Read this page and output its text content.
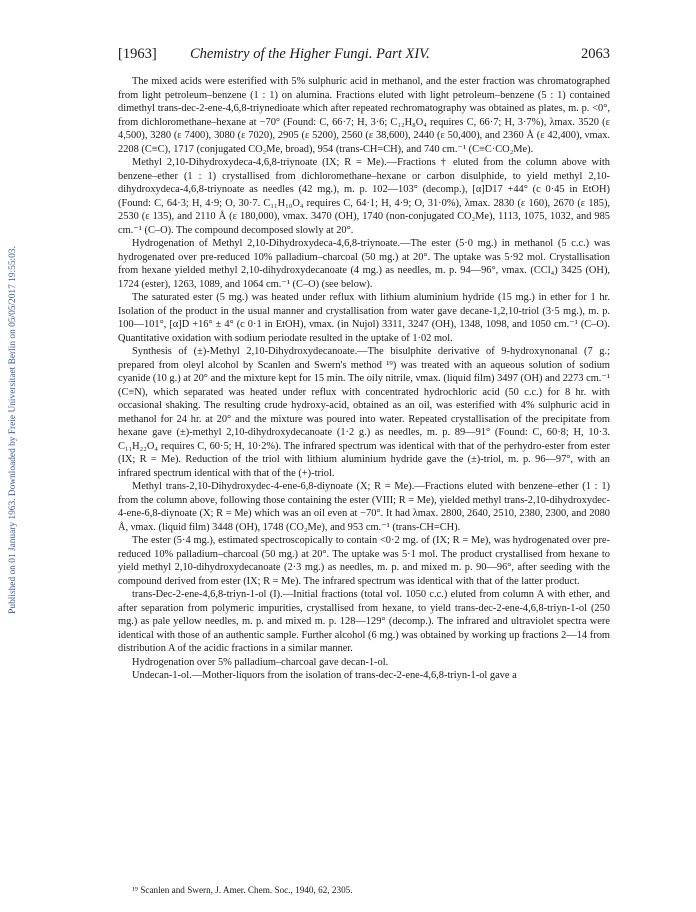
Published on 01 January 1963. Downloaded by Freie Universitaet Berlin on 05/05/2017 19:55:03.
[1963] Chemistry of the Higher Fungi. Part XIV.	2063

The mixed acids were esterified with 5% sulphuric acid in methanol, and the ester fraction was chromatographed from light petroleum–benzene (1 : 1) on alumina. Fractions eluted with light petroleum–benzene (5 : 1) contained dimethyl trans-dec-2-ene-4,6,8-triynedioate which after repeated rechromatography was obtained as plates, m. p. <0°, from dichloromethane–hexane at −70° (Found: C, 66·7; H, 3·6; C₁₂H₈O₄ requires C, 66·7; H, 3·7%), λmax. 3520 (ε 4,500), 3280 (ε 7400), 3080 (ε 7020), 2905 (ε 5200), 2560 (ε 38,600), 2440 (ε 50,400), and 2360 Å (ε 42,400), νmax. 2208 (C≡C), 1717 (conjugated CO₂Me, broad), 954 (trans-CH=CH), and 740 cm.⁻¹ (C≡C·CO₂Me).

Methyl 2,10-Dihydroxydeca-4,6,8-triynoate (IX; R = Me).—Fractions † eluted from the column above with benzene–ether (1 : 1) crystallised from dichloromethane–hexane or carbon disulphide, to yield methyl 2,10-dihydroxydeca-4,6,8-triynoate as needles (42 mg.), m. p. 102—103° (decomp.), [α]D17 +44° (c 0·45 in EtOH) (Found: C, 64·3; H, 4·9; O, 30·7. C₁₁H₁₀O₄ requires C, 64·1; H, 4·9; O, 31·0%), λmax. 2830 (ε 160), 2670 (ε 185), 2530 (ε 135), and 2110 Å (ε 180,000), νmax. 3470 (OH), 1740 (non-conjugated CO₂Me), 1113, 1075, 1032, and 985 cm.⁻¹ (C–O). The compound decomposed slowly at 20°.

Hydrogenation of Methyl 2,10-Dihydroxydeca-4,6,8-triynoate.—The ester (5·0 mg.) in methanol (5 c.c.) was hydrogenated over pre-reduced 10% palladium–charcoal (50 mg.) at 20°. The uptake was 5·92 mol. Crystallisation from hexane yielded methyl 2,10-dihydroxydecanoate (4 mg.) as needles, m. p. 94—96°, νmax. (CCl₄) 3425 (OH), 1724 (ester), 1263, 1089, and 1064 cm.⁻¹ (C–O) (see below).

The saturated ester (5 mg.) was heated under reflux with lithium aluminium hydride (15 mg.) in ether for 1 hr. Isolation of the product in the usual manner and crystallisation from water gave decane-1,2,10-triol (3·5 mg.), m. p. 100—101°, [α]D +16° ± 4° (c 0·1 in EtOH), νmax. (in Nujol) 3311, 3247 (OH), 1348, 1098, and 1050 cm.⁻¹ (C–O). Quantitative oxidation with sodium periodate resulted in the uptake of 1·02 mol.

Synthesis of (±)-Methyl 2,10-Dihydroxydecanoate.—The bisulphite derivative of 9-hydroxynonanal (7 g.; prepared from oleyl alcohol by Scanlen and Swern's method ¹⁹) was treated with an aqueous solution of sodium cyanide (10 g.) at 20° and the mixture kept for 15 min. The oily nitrile, νmax. (liquid film) 3497 (OH) and 2273 cm.⁻¹ (C≡N), which separated was heated under reflux with concentrated hydrochloric acid (50 c.c.) for 8 hr. with occasional shaking. The resulting crude hydroxy-acid, obtained as an oil, was esterified with 4% sulphuric acid in methanol for 24 hr. at 20° and the mixture was poured into water. Repeated crystallisation of the precipitate from hexane gave (±)-methyl 2,10-dihydroxydecanoate (1·2 g.) as needles, m. p. 89—91° (Found: C, 60·8; H, 10·3. C₁₁H₂₂O₄ requires C, 60·5; H, 10·2%). The infrared spectrum was identical with that of the perhydro-ester from ester (IX; R = Me). Reduction of the triol with lithium aluminium hydride gave the (±)-triol, m. p. 96—97°, with an infrared spectrum identical with that of the (+)-triol.

Methyl trans-2,10-Dihydroxydec-4-ene-6,8-diynoate (X; R = Me).—Fractions eluted with benzene–ether (1 : 1) from the column above, following those containing the ester (VIII; R = Me), yielded methyl trans-2,10-dihydroxydec-4-ene-6,8-diynoate (X; R = Me) which was an oil even at −70°. It had λmax. 2800, 2640, 2510, 2380, 2300, and 2080 Å, νmax. (liquid film) 3448 (OH), 1748 (CO₂Me), and 953 cm.⁻¹ (trans-CH=CH).

The ester (5·4 mg.), estimated spectroscopically to contain <0·2 mg. of (IX; R = Me), was hydrogenated over pre-reduced 10% palladium–charcoal (50 mg.) at 20°. The uptake was 5·1 mol. The product crystallised from hexane to yield methyl 2,10-dihydroxydecanoate (2·3 mg.) as needles, m. p. and mixed m. p. 90—96°, after seeding with the compound derived from ester (IX; R = Me). The infrared spectrum was identical with that of the latter product.

trans-Dec-2-ene-4,6,8-triyn-1-ol (I).—Initial fractions (total vol. 1050 c.c.) eluted from column A with ether, and after separation from polymeric impurities, crystallised from hexane, to yield trans-dec-2-ene-4,6,8-triyn-1-ol (250 mg.) as pale yellow needles, m. p. and mixed m. p. 128—129° (decomp.). The infrared and ultraviolet spectra were identical with those of an authentic sample. Further alcohol (6 mg.) was obtained by working up fractions 2—14 from distribution A of the acidic fractions in a similar manner.

Hydrogenation over 5% palladium–charcoal gave decan-1-ol.

Undecan-1-ol.—Mother-liquors from the isolation of trans-dec-2-ene-4,6,8-triyn-1-ol gave a

¹⁹ Scanlen and Swern, J. Amer. Chem. Soc., 1940, 62, 2305.
